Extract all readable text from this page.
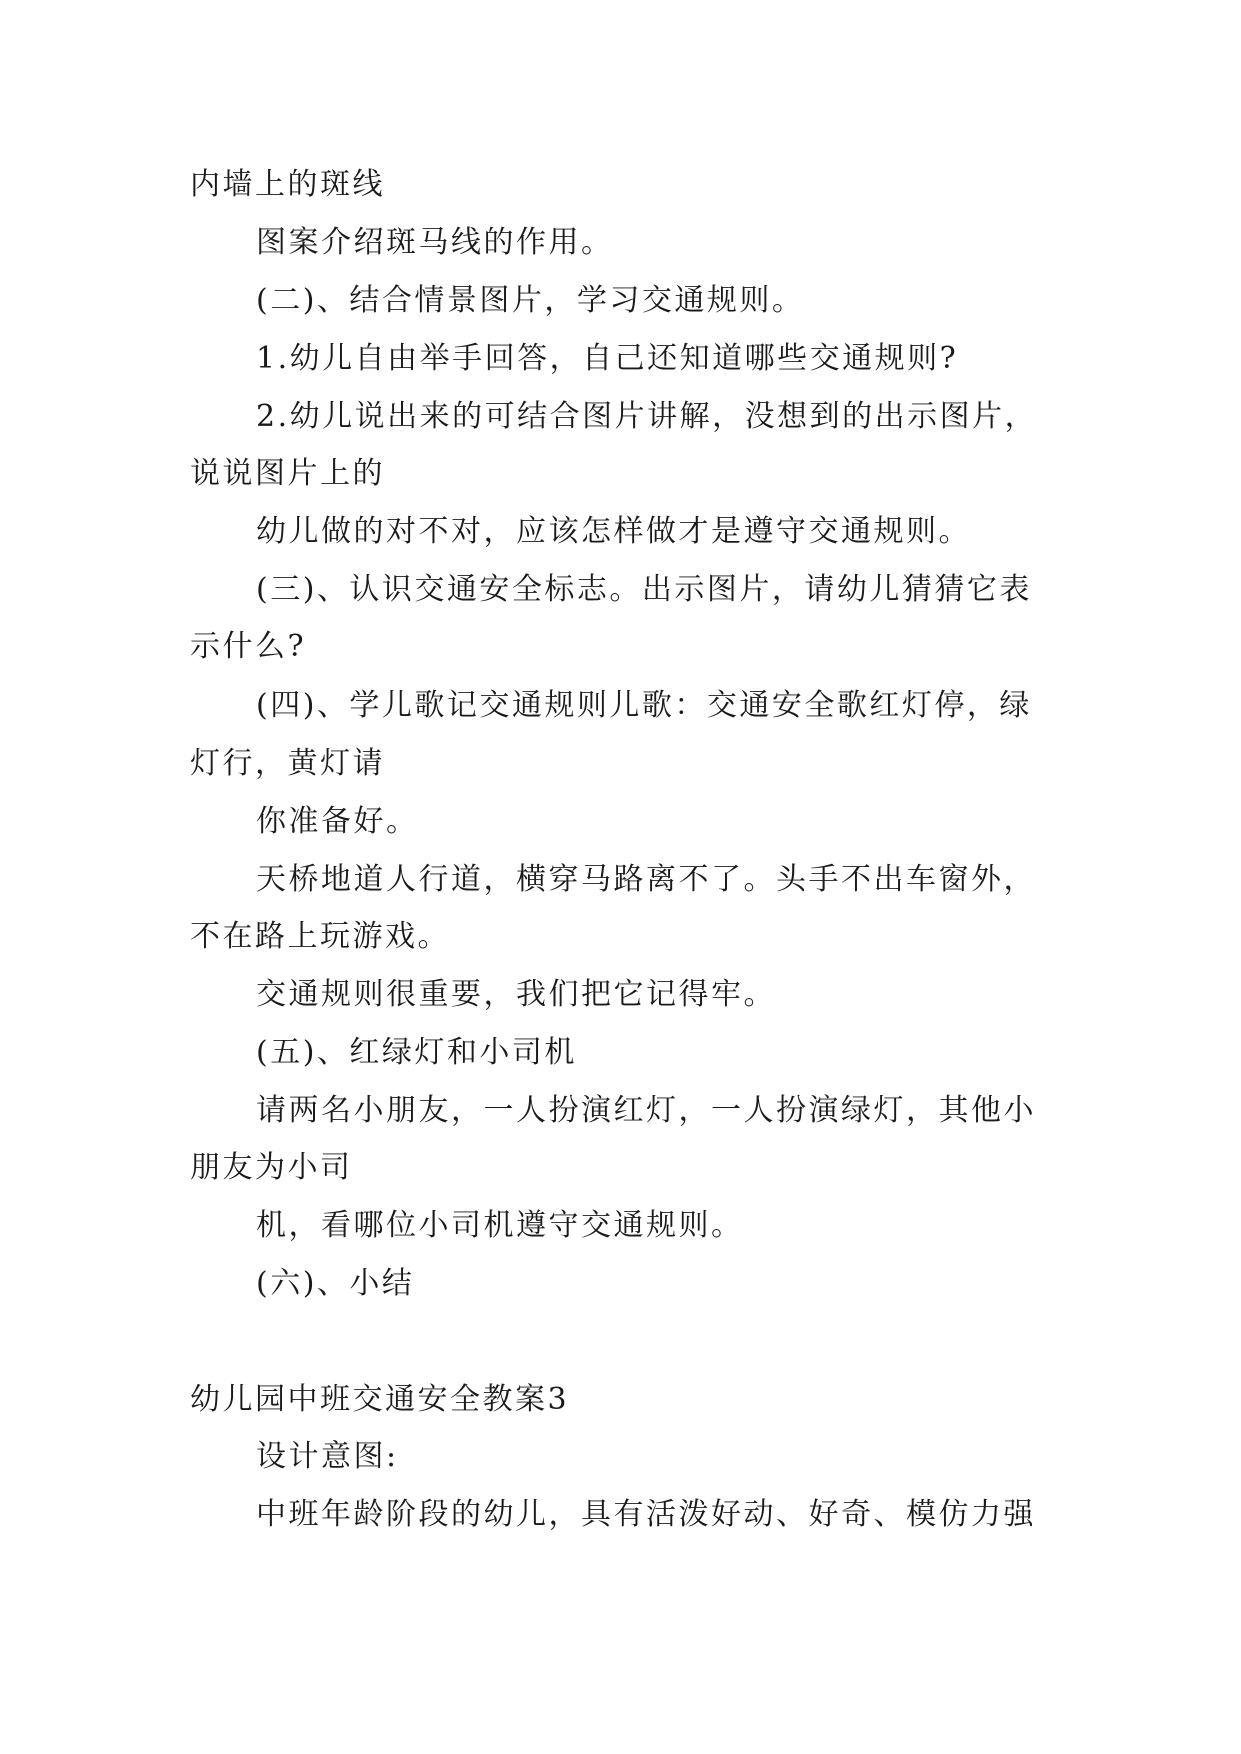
内墙上的斑线
图案介绍斑马线的作用。
(二)、结合情景图片，学习交通规则。
1.幼儿自由举手回答，自己还知道哪些交通规则?
2.幼儿说出来的可结合图片讲解，没想到的出示图片，
说说图片上的
幼儿做的对不对，应该怎样做才是遵守交通规则。
(三)、认识交通安全标志。出示图片，请幼儿猜猜它表
示什么?
(四)、学儿歌记交通规则儿歌：交通安全歌红灯停，绿
灯行，黄灯请
你准备好。
天桥地道人行道，横穿马路离不了。头手不出车窗外，
不在路上玩游戏。
交通规则很重要，我们把它记得牢。
(五)、红绿灯和小司机
请两名小朋友，一人扮演红灯，一人扮演绿灯，其他小
朋友为小司
机，看哪位小司机遵守交通规则。
(六)、小结
幼儿园中班交通安全教案3
设计意图:
中班年龄阶段的幼儿，具有活泼好动、好奇、模仿力强
